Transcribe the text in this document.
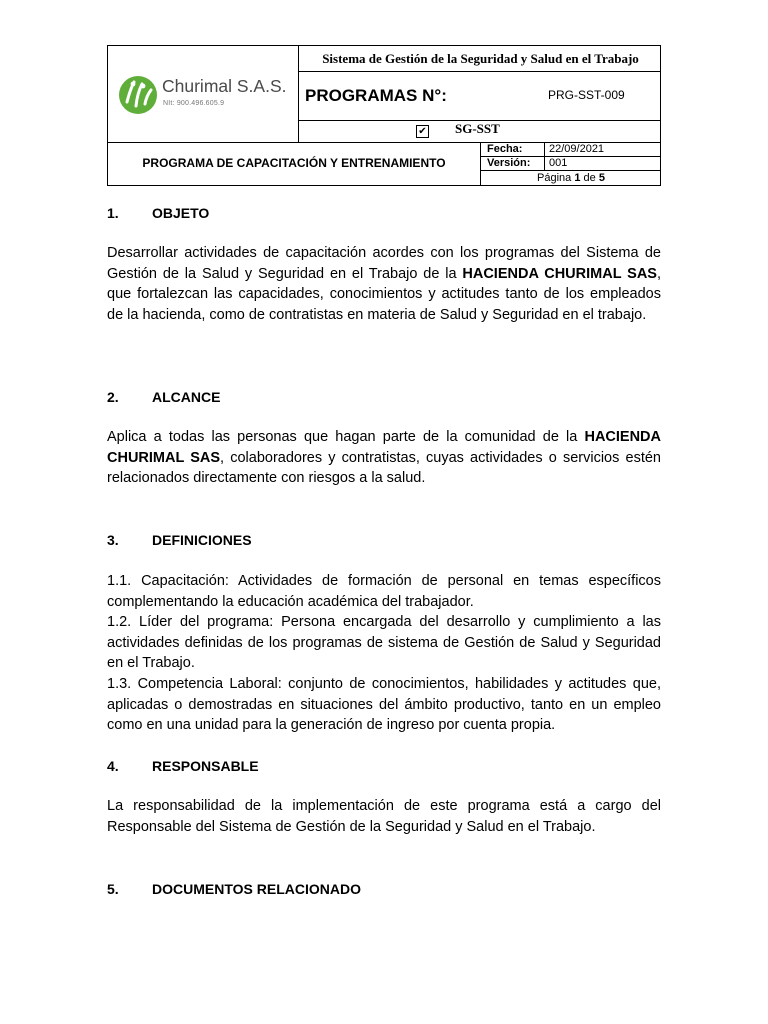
Churimal S.A.S.
NIt: 900.496.605.9
Sistema de Gestión de la Seguridad y Salud en el Trabajo
PROGRAMAS N°:	PRG-SST-009
✔ SG-SST
PROGRAMA DE CAPACITACIÓN Y ENTRENAMIENTO
Fecha: 22/09/2021
Versión: 001
Página 1 de 5
1. OBJETO
Desarrollar actividades de capacitación acordes con los programas del Sistema de Gestión de la Salud y Seguridad en el Trabajo de la HACIENDA CHURIMAL SAS, que fortalezcan las capacidades, conocimientos y actitudes tanto de los empleados de la hacienda, como de contratistas en materia de Salud y Seguridad en el trabajo.
2. ALCANCE
Aplica a todas las personas que hagan parte de la comunidad de la HACIENDA CHURIMAL SAS, colaboradores y contratistas, cuyas actividades o servicios estén relacionados directamente con riesgos a la salud.
3. DEFINICIONES
1.1. Capacitación: Actividades de formación de personal en temas específicos complementando la educación académica del trabajador.
1.2. Líder del programa: Persona encargada del desarrollo y cumplimiento a las actividades definidas de los programas de sistema de Gestión de Salud y Seguridad en el Trabajo.
1.3. Competencia Laboral: conjunto de conocimientos, habilidades y actitudes que, aplicadas o demostradas en situaciones del ámbito productivo, tanto en un empleo como en una unidad para la generación de ingreso por cuenta propia.
4. RESPONSABLE
La responsabilidad de la implementación de este programa está a cargo del Responsable del Sistema de Gestión de la Seguridad y Salud en el Trabajo.
5. DOCUMENTOS RELACIONADO
